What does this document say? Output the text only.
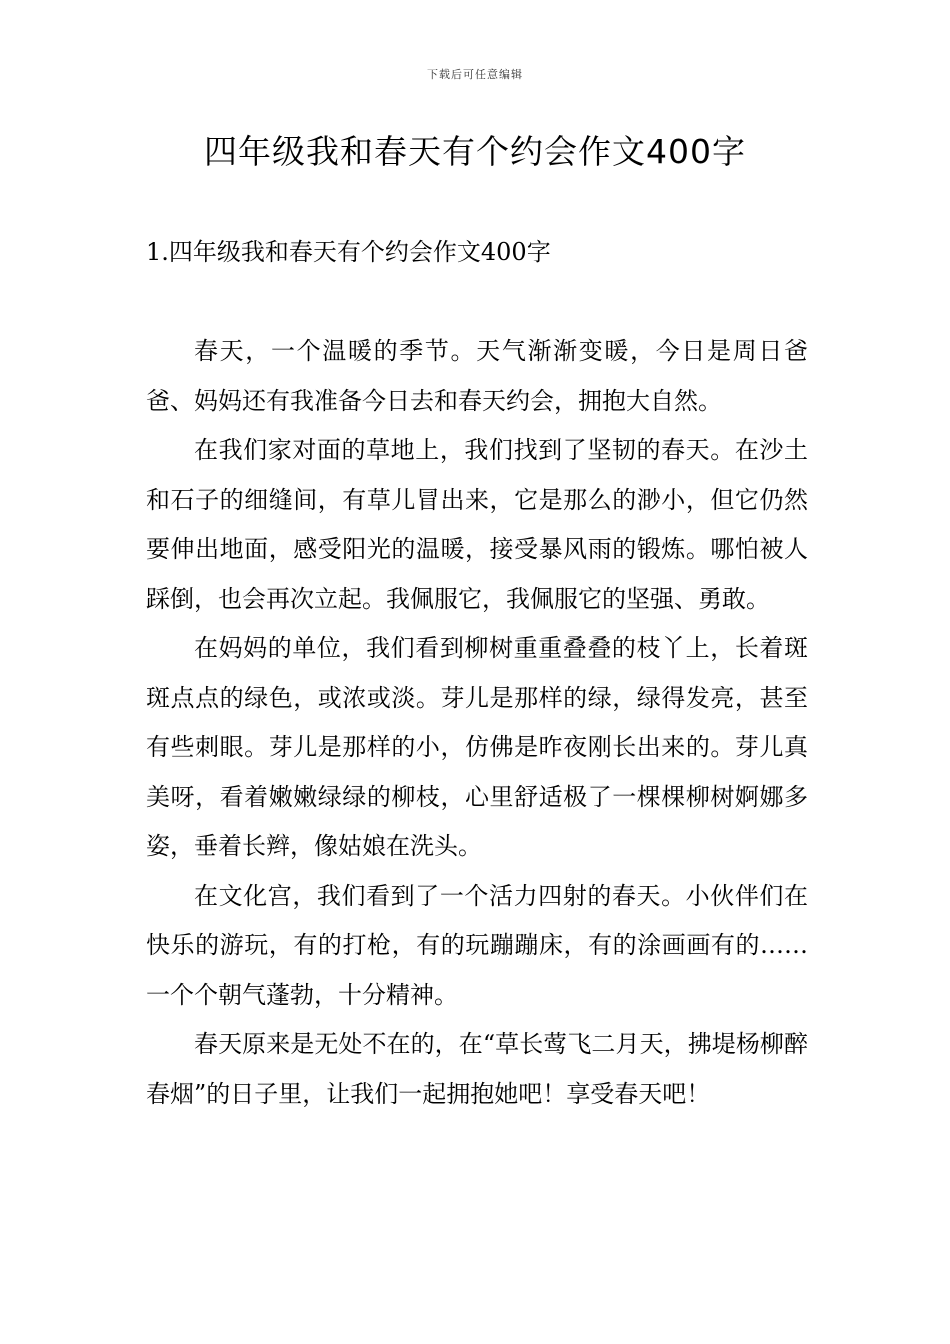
下载后可任意编辑
四年级我和春天有个约会作文400字
1.四年级我和春天有个约会作文400字

春天，一个温暖的季节。天气渐渐变暖，今日是周日爸爸、妈妈还有我准备今日去和春天约会，拥抱大自然。

在我们家对面的草地上，我们找到了坚韧的春天。在沙土和石子的细缝间，有草儿冒出来，它是那么的渺小，但它仍然要伸出地面，感受阳光的温暖，接受暴风雨的锻炼。哪怕被人踩倒，也会再次立起。我佩服它，我佩服它的坚强、勇敢。

在妈妈的单位，我们看到柳树重重叠叠的枝丫上，长着斑斑点点的绿色，或浓或淡。芽儿是那样的绿，绿得发亮，甚至有些刺眼。芽儿是那样的小，仿佛是昨夜刚长出来的。芽儿真美呀，看着嫩嫩绿绿的柳枝，心里舒适极了一棵棵柳树婀娜多姿，垂着长辫，像姑娘在洗头。

在文化宫，我们看到了一个活力四射的春天。小伙伴们在快乐的游玩，有的打枪，有的玩蹦蹦床，有的涂画画有的……一个个朝气蓬勃，十分精神。

春天原来是无处不在的，在“草长莺飞二月天，拂堤杨柳醉春烟”的日子里，让我们一起拥抱她吧！享受春天吧！
